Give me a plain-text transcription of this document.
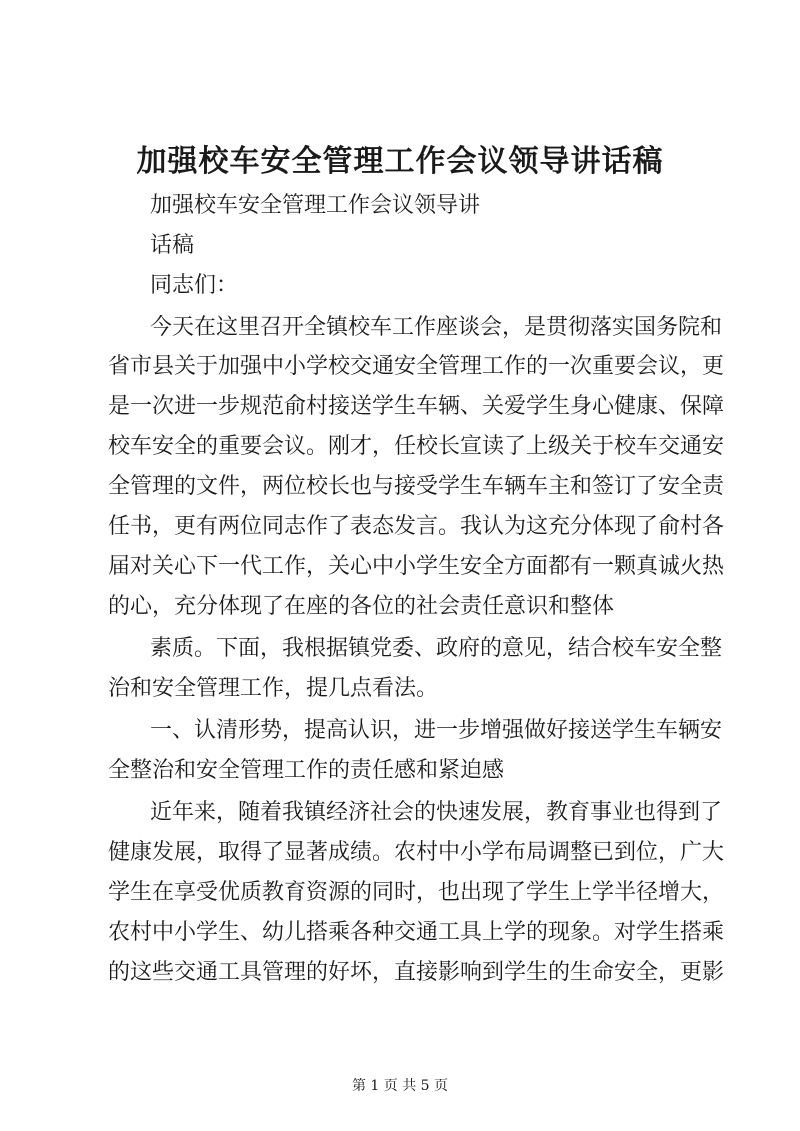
加强校车安全管理工作会议领导讲话稿

加强校车安全管理工作会议领导讲

话稿

同志们：

今天在这里召开全镇校车工作座谈会，是贯彻落实国务院和

省市县关于加强中小学校交通安全管理工作的一次重要会议，更

是一次进一步规范俞村接送学生车辆、关爱学生身心健康、保障

校车安全的重要会议。刚才，任校长宣读了上级关于校车交通安

全管理的文件，两位校长也与接受学生车辆车主和签订了安全责

任书，更有两位同志作了表态发言。我认为这充分体现了俞村各

届对关心下一代工作，关心中小学生安全方面都有一颗真诚火热

的心，充分体现了在座的各位的社会责任意识和整体

素质。下面，我根据镇党委、政府的意见，结合校车安全整

治和安全管理工作，提几点看法。

一、认清形势，提高认识，进一步增强做好接送学生车辆安

全整治和安全管理工作的责任感和紧迫感

近年来，随着我镇经济社会的快速发展，教育事业也得到了

健康发展，取得了显著成绩。农村中小学布局调整已到位，广大

学生在享受优质教育资源的同时，也出现了学生上学半径增大，

农村中小学生、幼儿搭乘各种交通工具上学的现象。对学生搭乘

的这些交通工具管理的好坏，直接影响到学生的生命安全，更影

第 1 页 共 5 页
